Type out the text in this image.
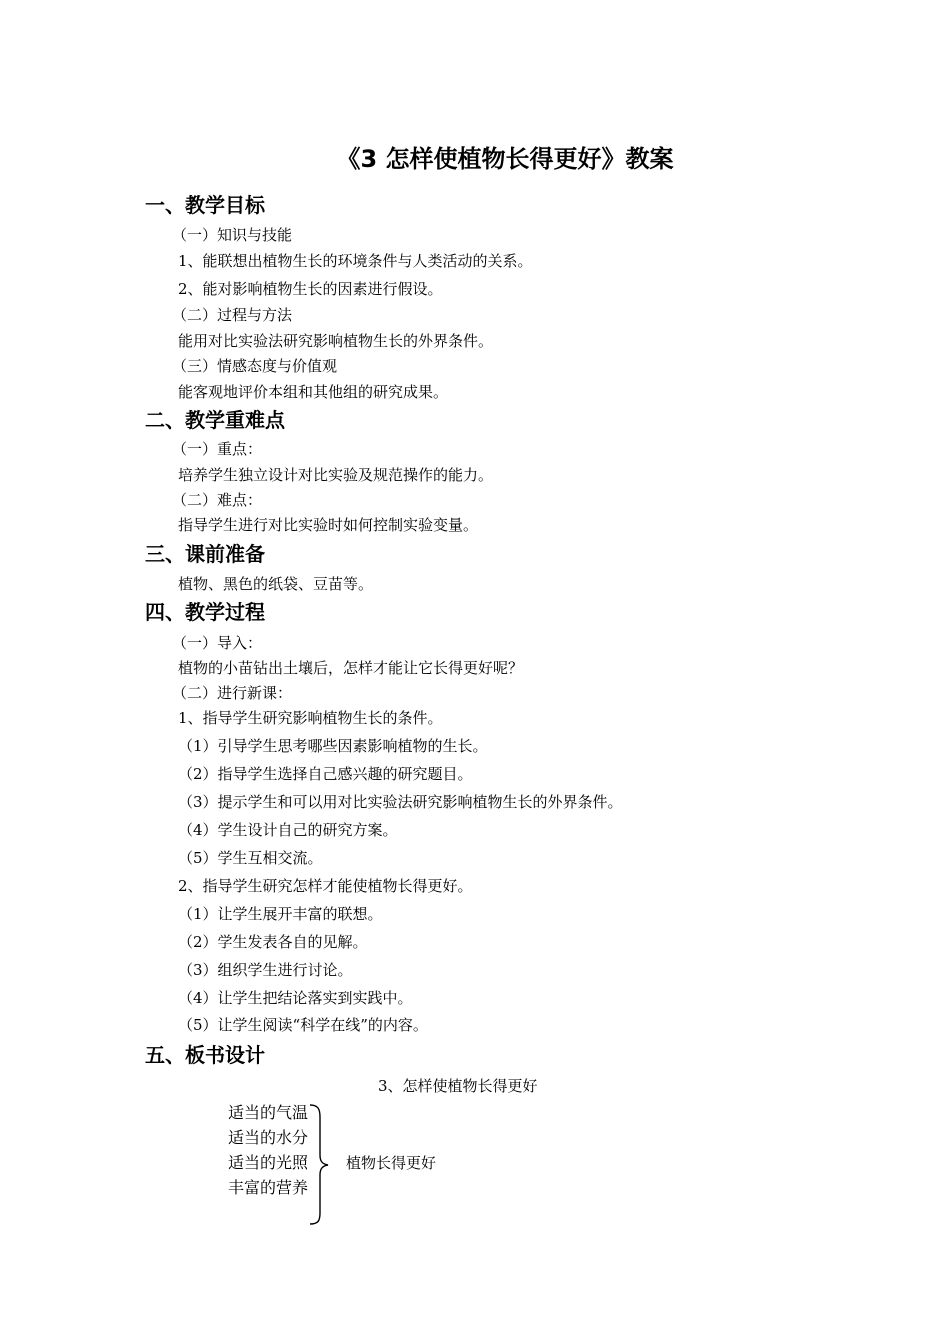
《3 怎样使植物长得更好》教案
一、教学目标
（一）知识与技能
1、能联想出植物生长的环境条件与人类活动的关系。
2、能对影响植物生长的因素进行假设。
（二）过程与方法
能用对比实验法研究影响植物生长的外界条件。
（三）情感态度与价值观
能客观地评价本组和其他组的研究成果。
二、教学重难点
（一）重点：
培养学生独立设计对比实验及规范操作的能力。
（二）难点：
指导学生进行对比实验时如何控制实验变量。
三、课前准备
植物、黑色的纸袋、豆苗等。
四、教学过程
（一）导入：
植物的小苗钻出土壤后，怎样才能让它长得更好呢？
（二）进行新课：
1、指导学生研究影响植物生长的条件。
（1）引导学生思考哪些因素影响植物的生长。
（2）指导学生选择自己感兴趣的研究题目。
（3）提示学生和可以用对比实验法研究影响植物生长的外界条件。
（4）学生设计自己的研究方案。
（5）学生互相交流。
2、指导学生研究怎样才能使植物长得更好。
（1）让学生展开丰富的联想。
（2）学生发表各自的见解。
（3）组织学生进行讨论。
（4）让学生把结论落实到实践中。
（5）让学生阅读“科学在线”的内容。
五、板书设计
3、怎样使植物长得更好
适当的气温
适当的水分
适当的光照
丰富的营养
植物长得更好
